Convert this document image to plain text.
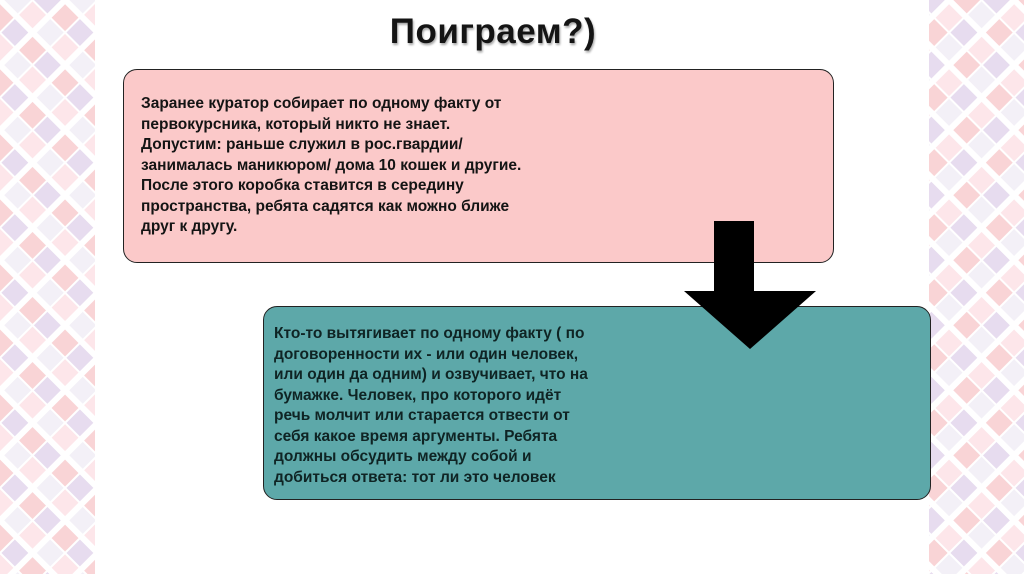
Поиграем?)

Заранее куратор собирает по одному факту от
первокурсника, который никто не знает.
Допустим: раньше служил в рос.гвардии/
занималась маникюром/ дома 10 кошек и другие.
После этого коробка ставится в середину
пространства, ребята садятся как можно ближе
друг к другу.

Кто-то вытягивает по одному факту ( по
договоренности их - или один человек,
или один да одним) и озвучивает, что на
бумажке. Человек, про которого идёт
речь молчит или старается отвести от
себя какое время аргументы. Ребята
должны обсудить между собой и
добиться ответа: тот ли это человек
